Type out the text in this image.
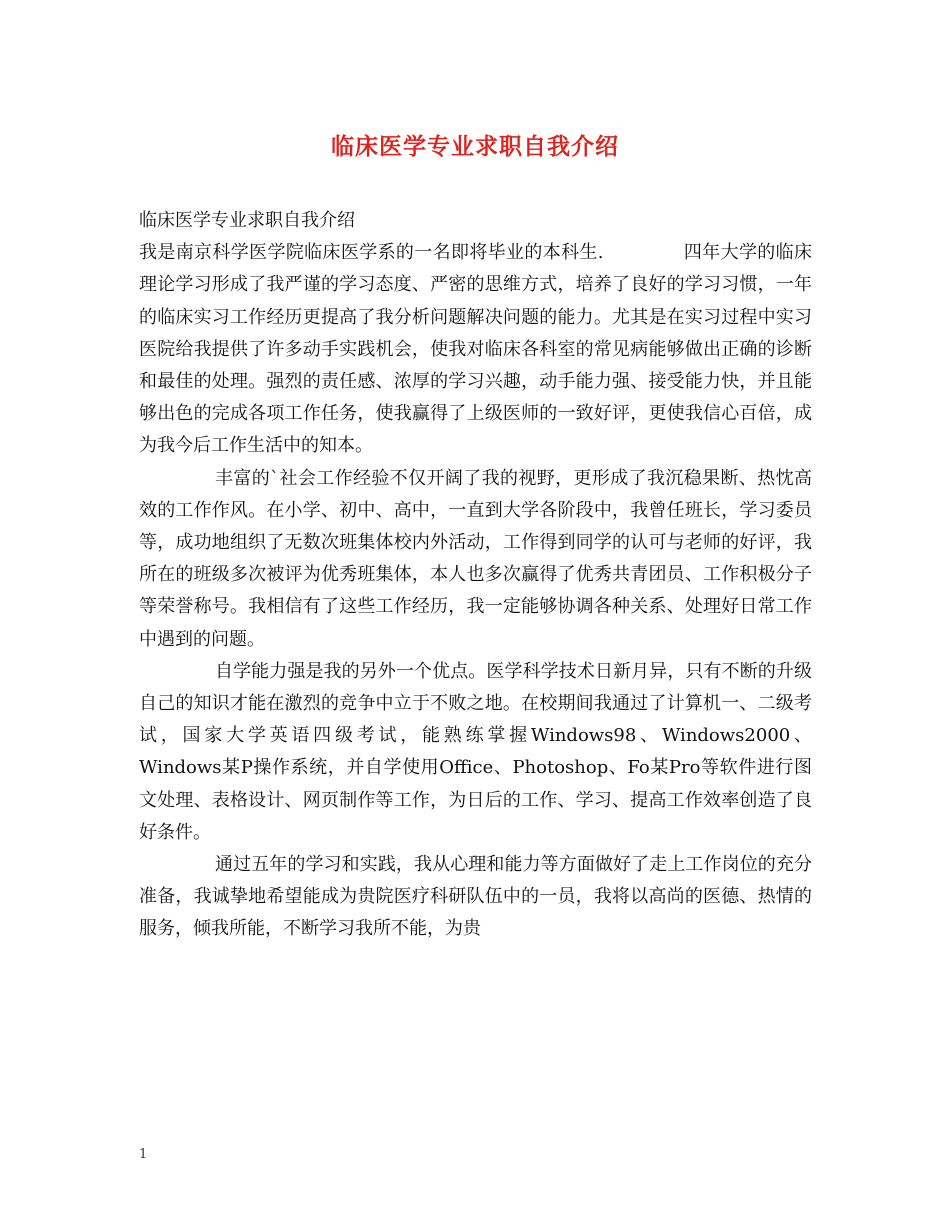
临床医学专业求职自我介绍

临床医学专业求职自我介绍

我是南京科学医学院临床医学系的一名即将毕业的本科生.	四年大学的临床理论学习形成了我严谨的学习态度、严密的思维方式，培养了良好的学习习惯，一年的临床实习工作经历更提高了我分析问题解决问题的能力。尤其是在实习过程中实习医院给我提供了许多动手实践机会，使我对临床各科室的常见病能够做出正确的诊断和最佳的处理。强烈的责任感、浓厚的学习兴趣，动手能力强、接受能力快，并且能够出色的完成各项工作任务，使我赢得了上级医师的一致好评，更使我信心百倍，成为我今后工作生活中的知本。

丰富的`社会工作经验不仅开阔了我的视野，更形成了我沉稳果断、热忱高效的工作作风。在小学、初中、高中，一直到大学各阶段中，我曾任班长，学习委员等，成功地组织了无数次班集体校内外活动，工作得到同学的认可与老师的好评，我所在的班级多次被评为优秀班集体，本人也多次赢得了优秀共青团员、工作积极分子等荣誉称号。我相信有了这些工作经历，我一定能够协调各种关系、处理好日常工作中遇到的问题。

自学能力强是我的另外一个优点。医学科学技术日新月异，只有不断的升级自己的知识才能在激烈的竞争中立于不败之地。在校期间我通过了计算机一、二级考试，国家大学英语四级考试，能熟练掌握Windows98、Windows2000、Windows某P操作系统，并自学使用Office、Photoshop、Fo某Pro等软件进行图文处理、表格设计、网页制作等工作，为日后的工作、学习、提高工作效率创造了良好条件。

通过五年的学习和实践，我从心理和能力等方面做好了走上工作岗位的充分准备，我诚挚地希望能成为贵院医疗科研队伍中的一员，我将以高尚的医德、热情的服务，倾我所能，不断学习我所不能，为贵

1
